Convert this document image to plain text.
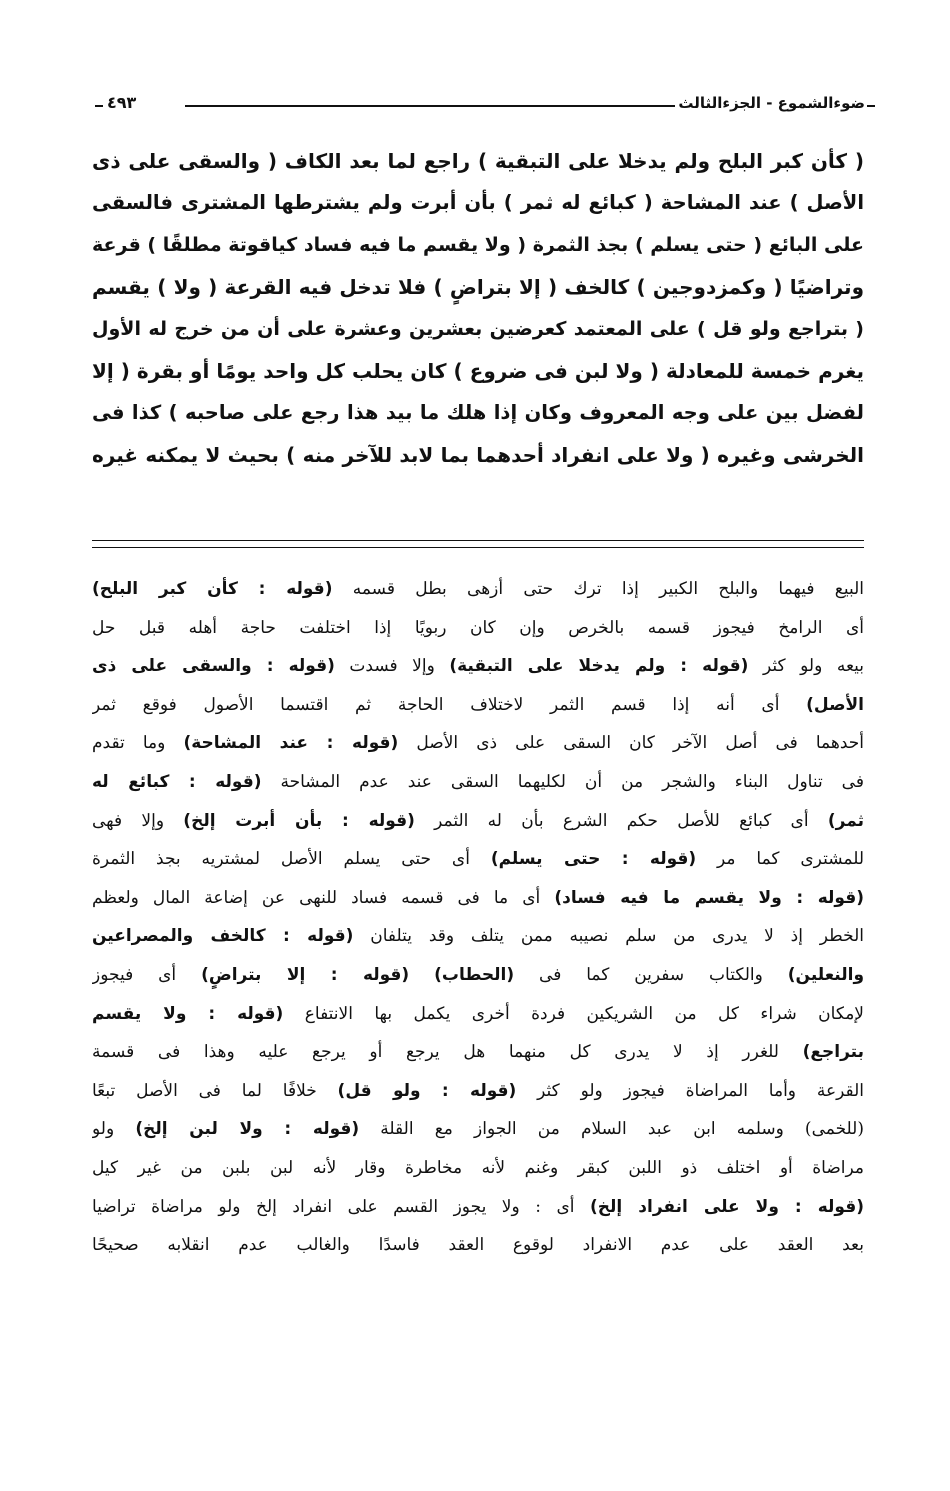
ضوءالشموع - الجزءالثالث
٤٩٣
( كأن كبر البلح ولم يدخلا على التبقية ) راجع لما بعد الكاف ( والسقى على ذى
الأصل ) عند المشاحة ( كبائع له ثمر ) بأن أبرت ولم يشترطها المشترى فالسقى
على البائع ( حتى يسلم ) بجذ الثمرة ( ولا يقسم ما فيه فساد كياقوتة مطلقًا ) قرعة
وتراضيًا ( وكمزدوجين ) كالخف ( إلا بتراضٍ ) فلا تدخل فيه القرعة ( ولا ) يقسم
( بتراجع ولو قل ) على المعتمد كعرضين بعشرين وعشرة على أن من خرج له الأول
يغرم خمسة للمعادلة ( ولا لبن فى ضروع ) كان يحلب كل واحد يومًا أو بقرة ( إلا
لفضل بين على وجه المعروف وكان إذا هلك ما بيد هذا رجع على صاحبه ) كذا فى
الخرشى وغيره ( ولا على انفراد أحدهما بما لابد للآخر منه ) بحيث لا يمكنه غيره
البيع فيهما والبلح الكبير إذا ترك حتى أزهى بطل قسمه (قوله : كأن كبر البلح)
أى الرامخ فيجوز قسمه بالخرص وإن كان ربويًا إذا اختلفت حاجة أهله قبل حل
بيعه ولو كثر (قوله : ولم يدخلا على التبقية) وإلا فسدت (قوله : والسقى على ذى
الأصل) أى أنه إذا قسم الثمر لاختلاف الحاجة ثم اقتسما الأصول فوقع ثمر
أحدهما فى أصل الآخر كان السقى على ذى الأصل (قوله : عند المشاحة) وما تقدم
فى تناول البناء والشجر من أن لكليهما السقى عند عدم المشاحة (قوله : كبائع له
ثمر) أى كبائع للأصل حكم الشرع بأن له الثمر (قوله : بأن أبرت إلخ) وإلا فهى
للمشترى كما مر (قوله : حتى يسلم) أى حتى يسلم الأصل لمشتريه بجذ الثمرة
(قوله : ولا يقسم ما فيه فساد) أى ما فى قسمه فساد للنهى عن إضاعة المال ولعظم
الخطر إذ لا يدرى من سلم نصيبه ممن يتلف وقد يتلفان (قوله : كالخف والمصراعين
والنعلين) والكتاب سفرين كما فى (الحطاب) (قوله : إلا بتراضٍ) أى فيجوز
لإمكان شراء كل من الشريكين فردة أخرى يكمل بها الانتفاع (قوله : ولا يقسم
بتراجع) للغرر إذ لا يدرى كل منهما هل يرجع أو يرجع عليه وهذا فى قسمة
القرعة وأما المراضاة فيجوز ولو كثر (قوله : ولو قل) خلافًا لما فى الأصل تبعًا
(للخمى) وسلمه ابن عبد السلام من الجواز مع القلة (قوله : ولا لبن إلخ) ولو
مراضاة أو اختلف ذو اللبن كبقر وغنم لأنه مخاطرة وقار لأنه لبن بلبن من غير كيل
(قوله : ولا على انفراد إلخ) أى : ولا يجوز القسم على انفراد إلخ ولو مراضاة تراضيا
بعد العقد على عدم الانفراد لوقوع العقد فاسدًا والغالب عدم انقلابه صحيحًا
